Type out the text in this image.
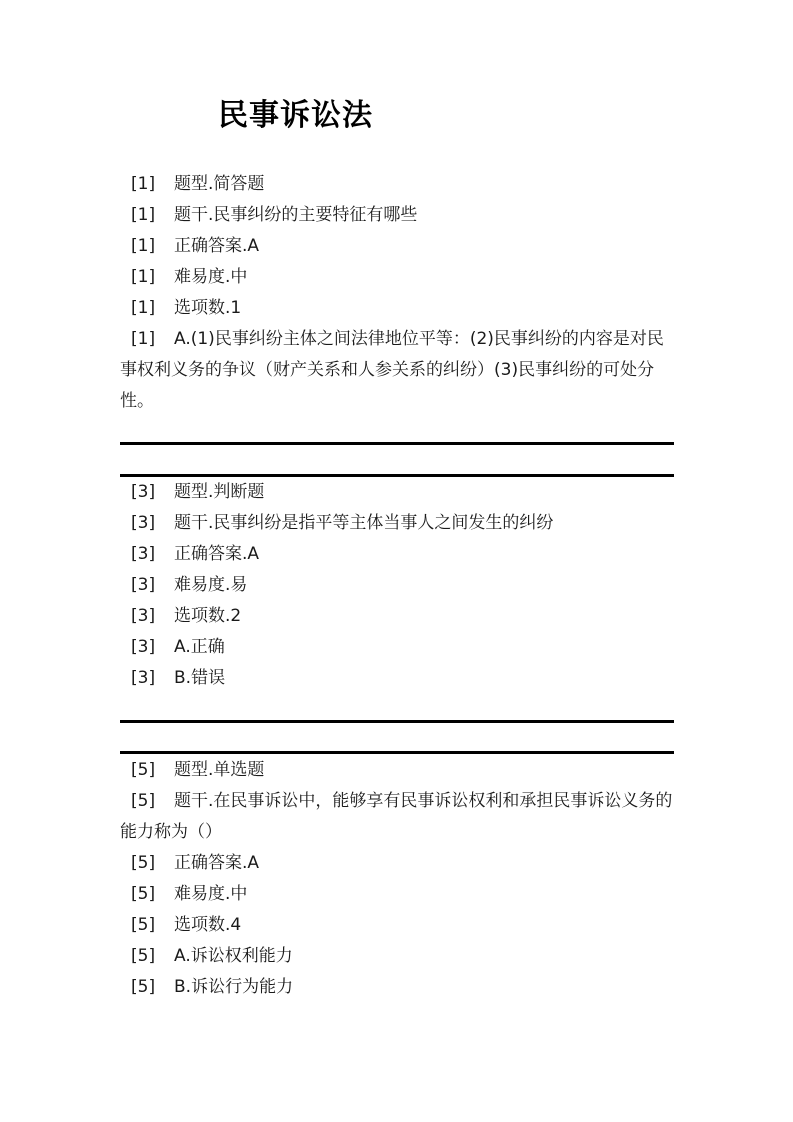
民事诉讼法
[1] 题型.简答题
[1] 题干.民事纠纷的主要特征有哪些
[1] 正确答案.A
[1] 难易度.中
[1] 选项数.1
[1] A.(1)民事纠纷主体之间法律地位平等：(2)民事纠纷的内容是对民事权利义务的争议（财产关系和人参关系的纠纷）(3)民事纠纷的可处分性。
[3] 题型.判断题
[3] 题干.民事纠纷是指平等主体当事人之间发生的纠纷
[3] 正确答案.A
[3] 难易度.易
[3] 选项数.2
[3] A.正确
[3] B.错误
[5] 题型.单选题
[5] 题干.在民事诉讼中，能够享有民事诉讼权利和承担民事诉讼义务的能力称为（）
[5] 正确答案.A
[5] 难易度.中
[5] 选项数.4
[5] A.诉讼权利能力
[5] B.诉讼行为能力
